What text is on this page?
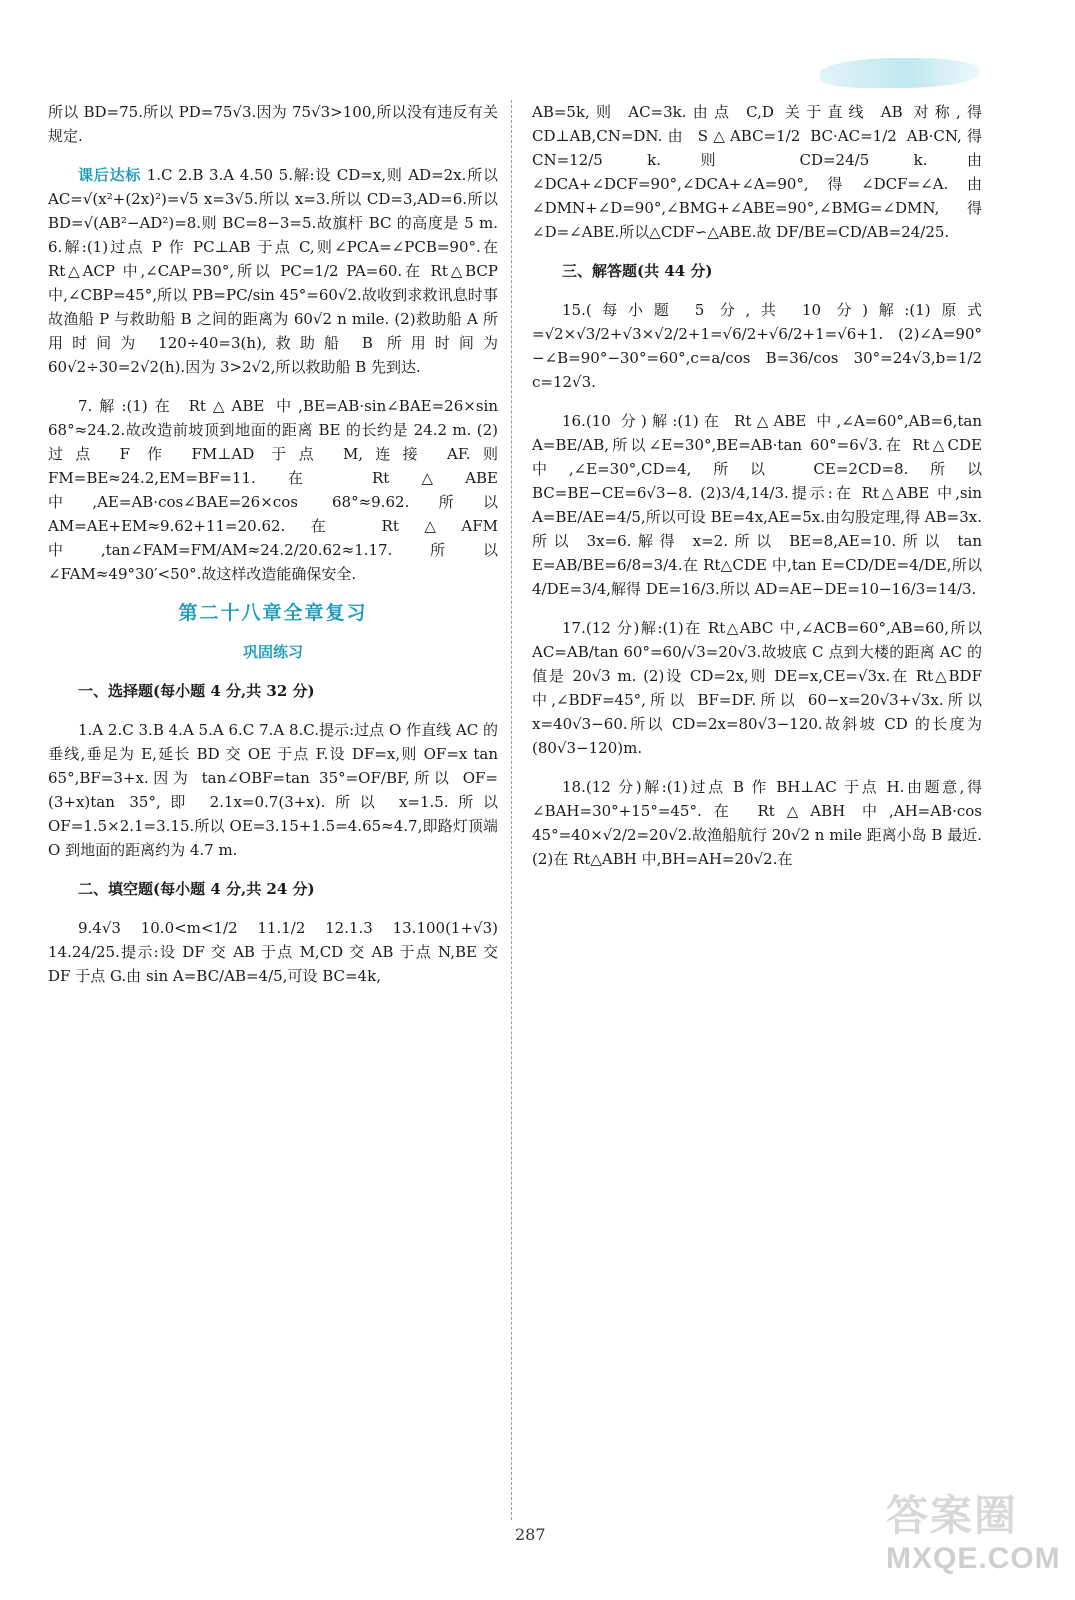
所以 BD=75.所以 PD=75√3.因为 75√3>100,所以没有违反有关规定.

课后达标 1.C 2.B 3.A 4.50 5.解:设 CD=x,则 AD=2x.所以 AC=√(x²+(2x)²)=√5 x=3√5.所以 x=3.所以 CD=3,AD=6.所以 BD=√(AB²−AD²)=8.则 BC=8−3=5.故旗杆 BC 的高度是 5 m. 6.解:(1)过点 P 作 PC⊥AB 于点 C,则∠PCA=∠PCB=90°.在 Rt△ACP 中,∠CAP=30°,所以 PC=1/2 PA=60.在 Rt△BCP 中,∠CBP=45°,所以 PB=PC/sin 45°=60√2.故收到求救讯息时事故渔船 P 与救助船 B 之间的距离为 60√2 n mile. (2)救助船 A 所用时间为 120÷40=3(h),救助船 B 所用时间为 60√2÷30=2√2(h).因为 3>2√2,所以救助船 B 先到达.

7.解:(1)在 Rt△ABE 中,BE=AB·sin∠BAE=26×sin 68°≈24.2.故改造前坡顶到地面的距离 BE 的长约是 24.2 m. (2)过点 F 作 FM⊥AD 于点 M,连接 AF.则 FM=BE≈24.2,EM=BF=11.在 Rt△ABE 中,AE=AB·cos∠BAE=26×cos 68°≈9.62.所以 AM=AE+EM≈9.62+11=20.62.在 Rt△AFM 中,tan∠FAM=FM/AM≈24.2/20.62≈1.17.所以∠FAM≈49°30′<50°.故这样改造能确保安全.

第二十八章全章复习
巩固练习
一、选择题(每小题 4 分,共 32 分)

1.A 2.C 3.B 4.A 5.A 6.C 7.A 8.C.提示:过点 O 作直线 AC 的垂线,垂足为 E,延长 BD 交 OE 于点 F.设 DF=x,则 OF=x tan 65°,BF=3+x.因为 tan∠OBF=tan 35°=OF/BF,所以 OF=(3+x)tan 35°,即 2.1x=0.7(3+x).所以 x=1.5.所以 OF=1.5×2.1=3.15.所以 OE=3.15+1.5=4.65≈4.7,即路灯顶端 O 到地面的距离约为 4.7 m.

二、填空题(每小题 4 分,共 24 分)

9.4√3 10.0<m<1/2 11.1/2 12.1.3 13.100(1+√3) 14.24/25.提示:设 DF 交 AB 于点 M,CD 交 AB 于点 N,BE 交 DF 于点 G.由 sin A=BC/AB=4/5,可设 BC=4k,

AB=5k,则 AC=3k.由点 C,D 关于直线 AB 对称,得 CD⊥AB,CN=DN.由 S△ABC=1/2 BC·AC=1/2 AB·CN,得 CN=12/5 k.则 CD=24/5 k.由∠DCA+∠DCF=90°,∠DCA+∠A=90°,得∠DCF=∠A.由∠DMN+∠D=90°,∠BMG+∠ABE=90°,∠BMG=∠DMN,得∠D=∠ABE.所以△CDF∽△ABE.故 DF/BE=CD/AB=24/25.

三、解答题(共 44 分)

15.(每小题 5 分,共 10 分)解:(1)原式=√2×√3/2+√3×√2/2+1=√6/2+√6/2+1=√6+1. (2)∠A=90°−∠B=90°−30°=60°,c=a/cos B=36/cos 30°=24√3,b=1/2 c=12√3.

16.(10 分)解:(1)在 Rt△ABE 中,∠A=60°,AB=6,tan A=BE/AB,所以∠E=30°,BE=AB·tan 60°=6√3.在 Rt△CDE 中,∠E=30°,CD=4,所以 CE=2CD=8.所以 BC=BE−CE=6√3−8. (2)3/4,14/3.提示:在 Rt△ABE 中,sin A=BE/AE=4/5,所以可设 BE=4x,AE=5x.由勾股定理,得 AB=3x.所以 3x=6.解得 x=2.所以 BE=8,AE=10.所以 tan E=AB/BE=6/8=3/4.在 Rt△CDE 中,tan E=CD/DE=4/DE,所以 4/DE=3/4,解得 DE=16/3.所以 AD=AE−DE=10−16/3=14/3.

17.(12 分)解:(1)在 Rt△ABC 中,∠ACB=60°,AB=60,所以 AC=AB/tan 60°=60/√3=20√3.故坡底 C 点到大楼的距离 AC 的值是 20√3 m. (2)设 CD=2x,则 DE=x,CE=√3x.在 Rt△BDF 中,∠BDF=45°,所以 BF=DF.所以 60−x=20√3+√3x.所以 x=40√3−60.所以 CD=2x=80√3−120.故斜坡 CD 的长度为(80√3−120)m.

18.(12 分)解:(1)过点 B 作 BH⊥AC 于点 H.由题意,得∠BAH=30°+15°=45°.在 Rt△ABH 中,AH=AB·cos 45°=40×√2/2=20√2.故渔船航行 20√2 n mile 距离小岛 B 最近. (2)在 Rt△ABH 中,BH=AH=20√2.在

287	答案圈
MXQE.COM
